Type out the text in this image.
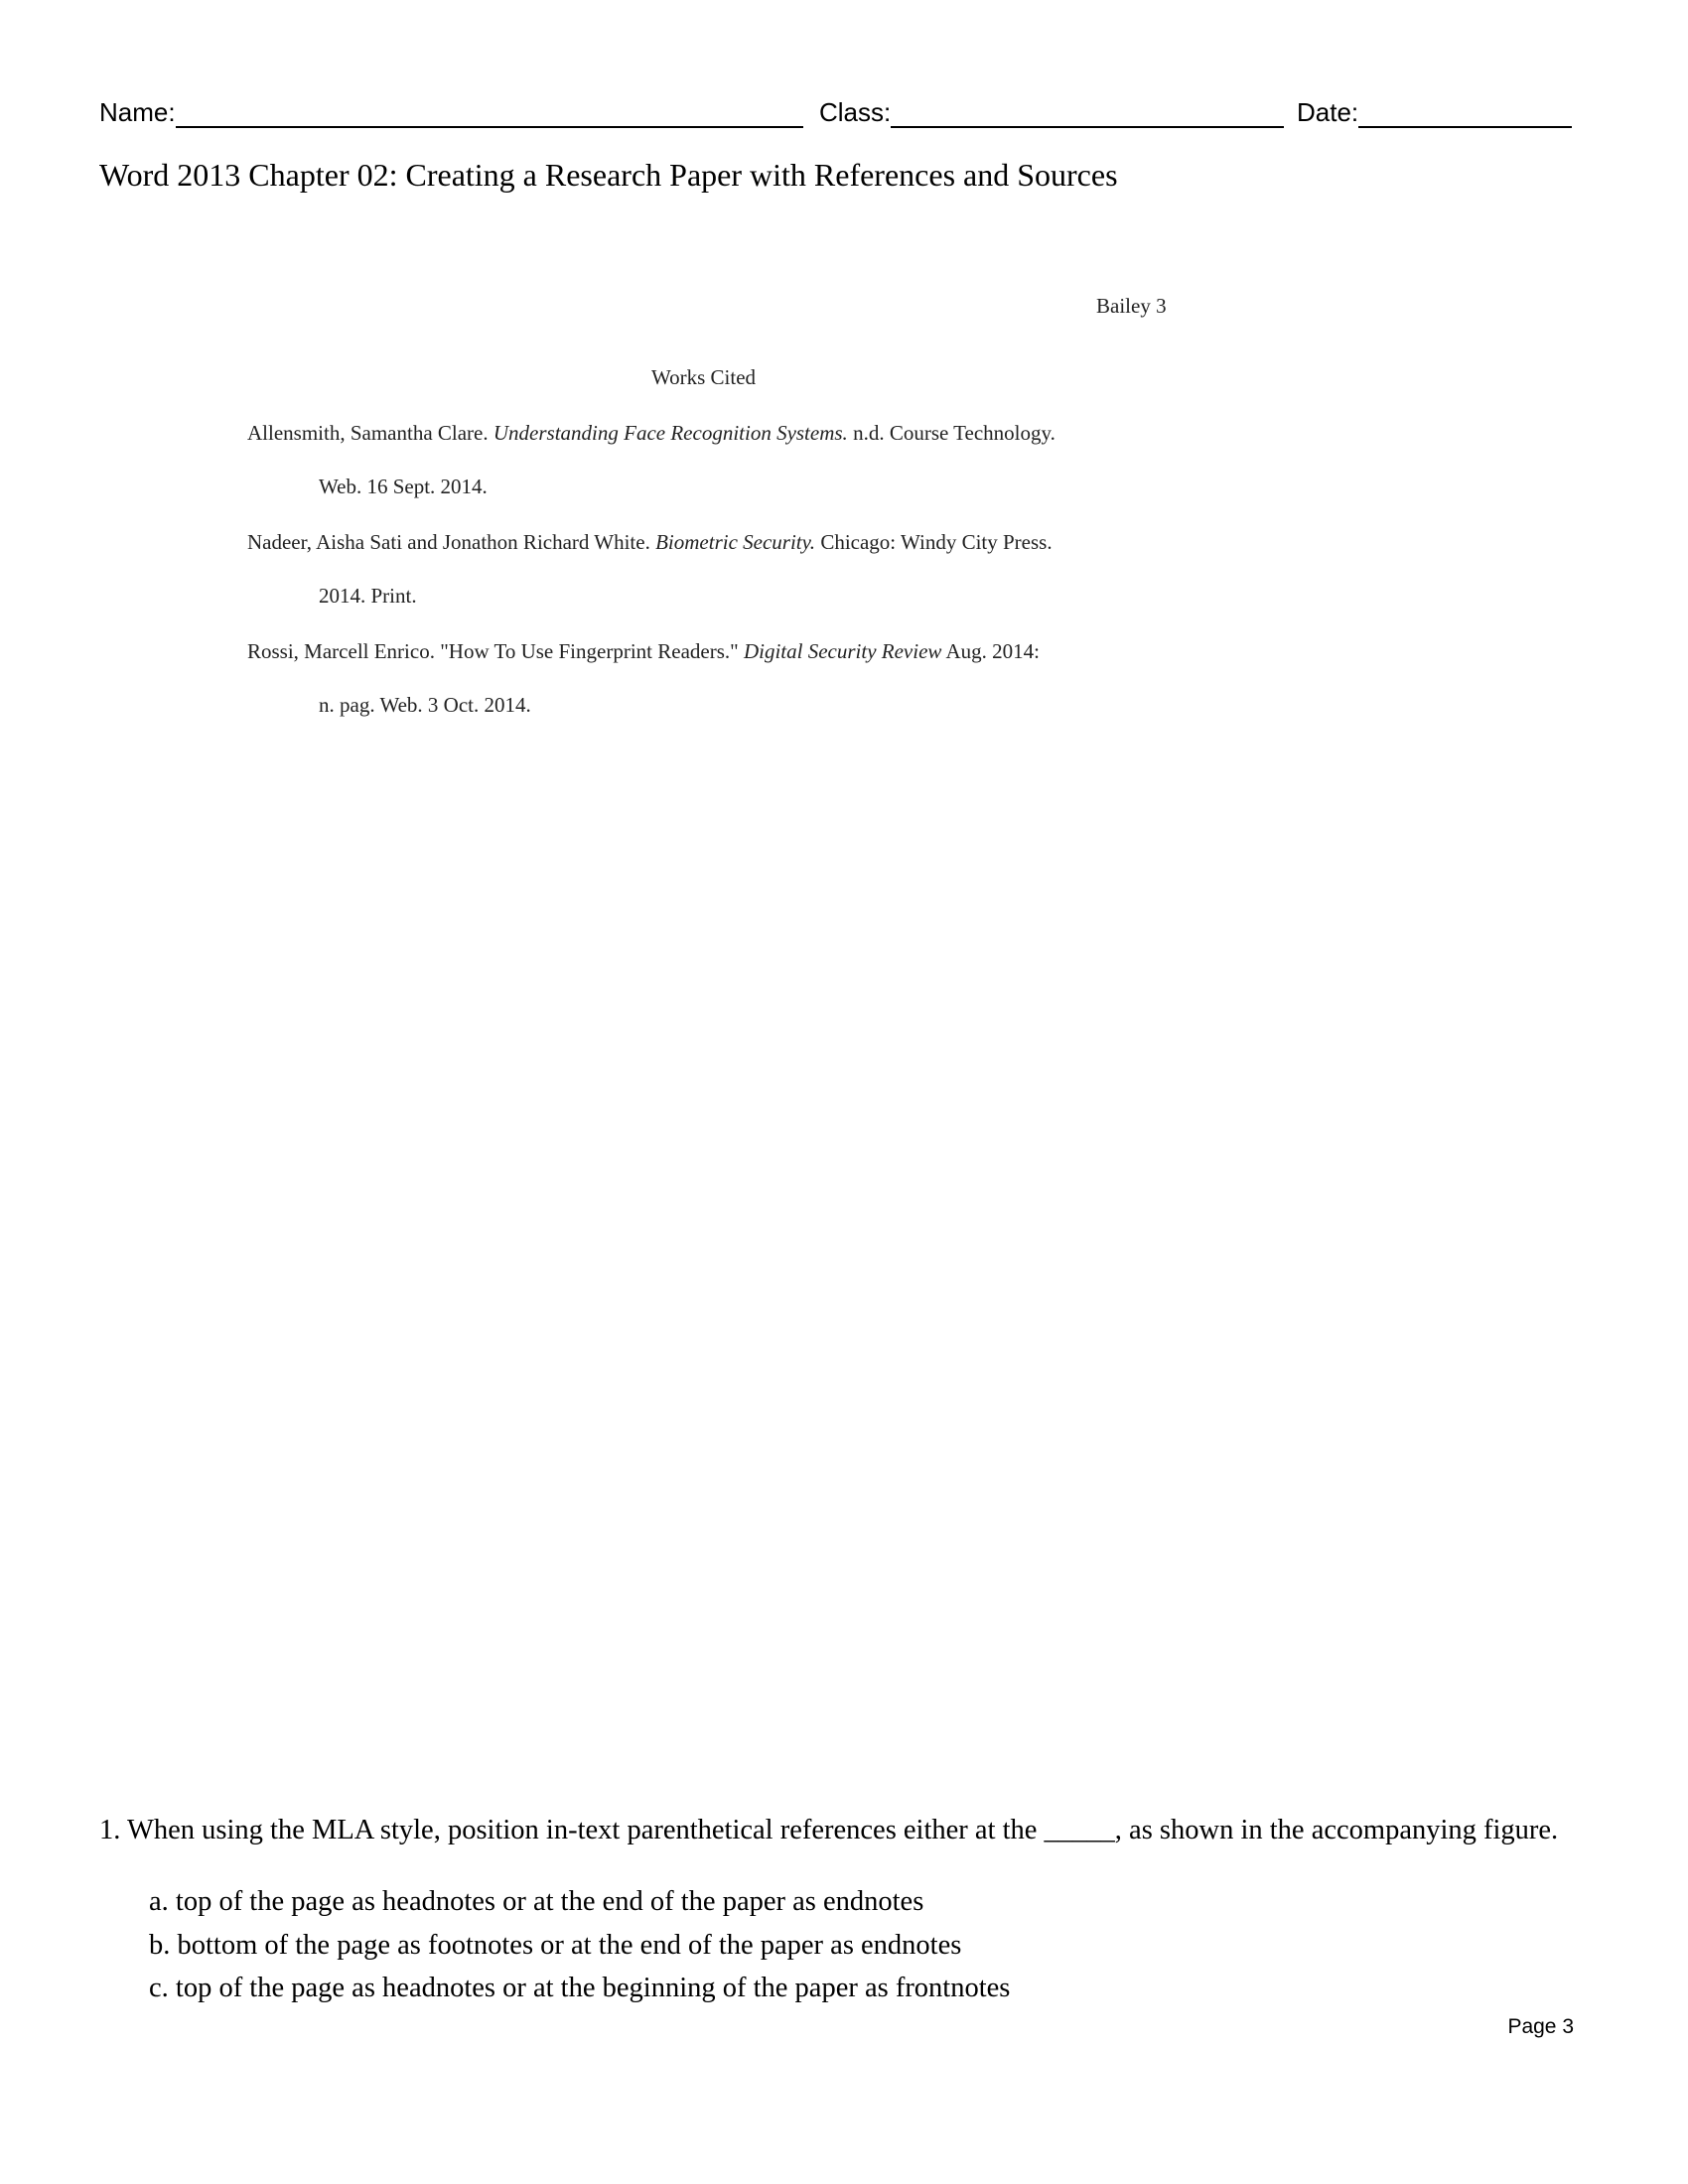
Name:	Class:	Date:
Word 2013 Chapter 02: Creating a Research Paper with References and Sources
Bailey 3
Works Cited
Allensmith, Samantha Clare. Understanding Face Recognition Systems. n.d. Course Technology.
Web. 16 Sept. 2014.
Nadeer, Aisha Sati and Jonathon Richard White. Biometric Security. Chicago: Windy City Press.
2014. Print.
Rossi, Marcell Enrico. "How To Use Fingerprint Readers." Digital Security Review Aug. 2014:
n. pag. Web. 3 Oct. 2014.
1. When using the MLA style, position in-text parenthetical references either at the _____, as shown in the accompanying figure.
a. top of the page as headnotes or at the end of the paper as endnotes
b. bottom of the page as footnotes or at the end of the paper as endnotes
c. top of the page as headnotes or at the beginning of the paper as frontnotes
Page 3
